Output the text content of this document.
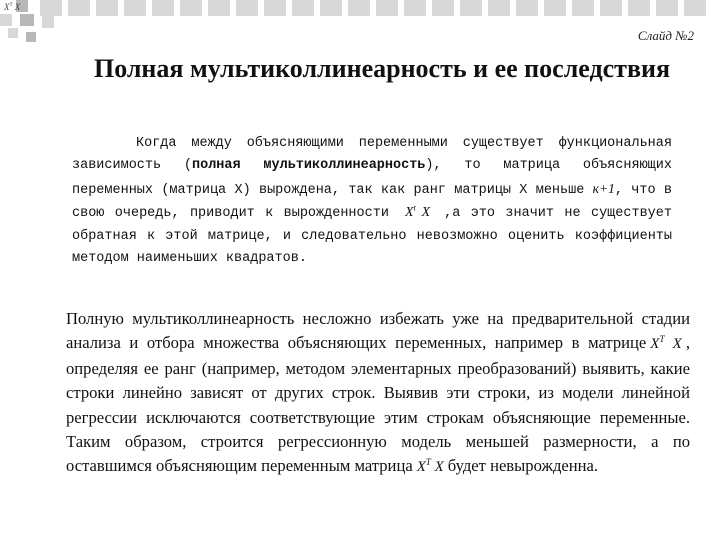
$X^T$ X
Слайд №2
Полная мультиколлинеарность и ее последствия
Когда между объясняющими переменными существует функциональная зависимость (полная мультиколлинеарность), то матрица объясняющих переменных (матрица X) вырождена, так как ранг матрицы X меньше к+1, что в свою очередь, приводит к вырожденности $X^t$ X ,а это значит не существует обратная к этой матрице, и следовательно невозможно оценить коэффициенты методом наименьших квадратов.
Полную мультиколлинеарность несложно избежать уже на предварительной стадии анализа и отбора множества объясняющих переменных, например в матрице $X^T$ X , определяя ее ранг (например, методом элементарных преобразований) выявить, какие строки линейно зависят от других строк. Выявив эти строки, из модели линейной регрессии исключаются соответствующие этим строкам объясняющие переменные. Таким образом, строится регрессионную модель меньшей размерности, а по оставшимся объясняющим переменным матрица $X^T$ X будет невырожденна.
